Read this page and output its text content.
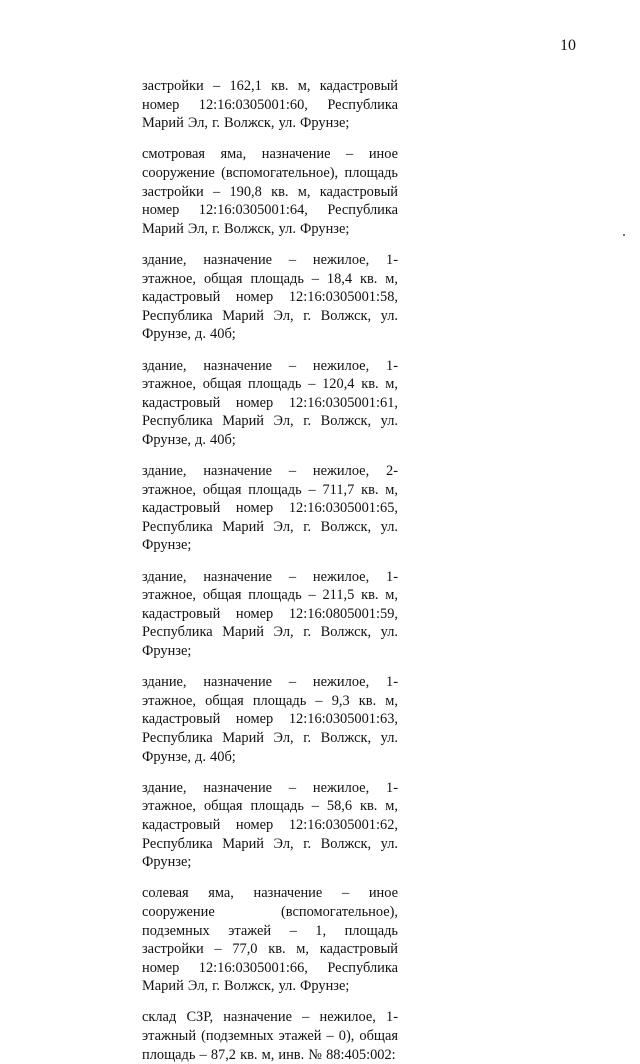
10

застройки – 162,1 кв. м, кадастровый номер 12:16:0305001:60, Республика Марий Эл, г. Волжск, ул. Фрунзе;

смотровая яма, назначение – иное сооружение (вспомогательное), площадь застройки – 190,8 кв. м, кадастровый номер 12:16:0305001:64, Республика Марий Эл, г. Волжск, ул. Фрунзе;

здание, назначение – нежилое, 1-этажное, общая площадь – 18,4 кв. м, кадастровый номер 12:16:0305001:58, Республика Марий Эл, г. Волжск, ул. Фрунзе, д. 40б;

здание, назначение – нежилое, 1-этажное, общая площадь – 120,4 кв. м, кадастровый номер 12:16:0305001:61, Республика Марий Эл, г. Волжск, ул. Фрунзе, д. 40б;

здание, назначение – нежилое, 2-этажное, общая площадь – 711,7 кв. м, кадастровый номер 12:16:0305001:65, Республика Марий Эл, г. Волжск, ул. Фрунзе;

здание, назначение – нежилое, 1-этажное, общая площадь – 211,5 кв. м, кадастровый номер 12:16:0805001:59, Республика Марий Эл, г. Волжск, ул. Фрунзе;

здание, назначение – нежилое, 1-этажное, общая площадь – 9,3 кв. м, кадастровый номер 12:16:0305001:63, Республика Марий Эл, г. Волжск, ул. Фрунзе, д. 40б;

здание, назначение – нежилое, 1-этажное, общая площадь – 58,6 кв. м, кадастровый номер 12:16:0305001:62, Республика Марий Эл, г. Волжск, ул. Фрунзе;

солевая яма, назначение – иное сооружение (вспомогательное), подземных этажей – 1, площадь застройки – 77,0 кв. м, кадастровый номер 12:16:0305001:66, Республика Марий Эл, г. Волжск, ул. Фрунзе;

склад СЗР, назначение – нежилое, 1-этажный (подземных этажей – 0), общая площадь – 87,2 кв. м, инв. № 88:405:002:
